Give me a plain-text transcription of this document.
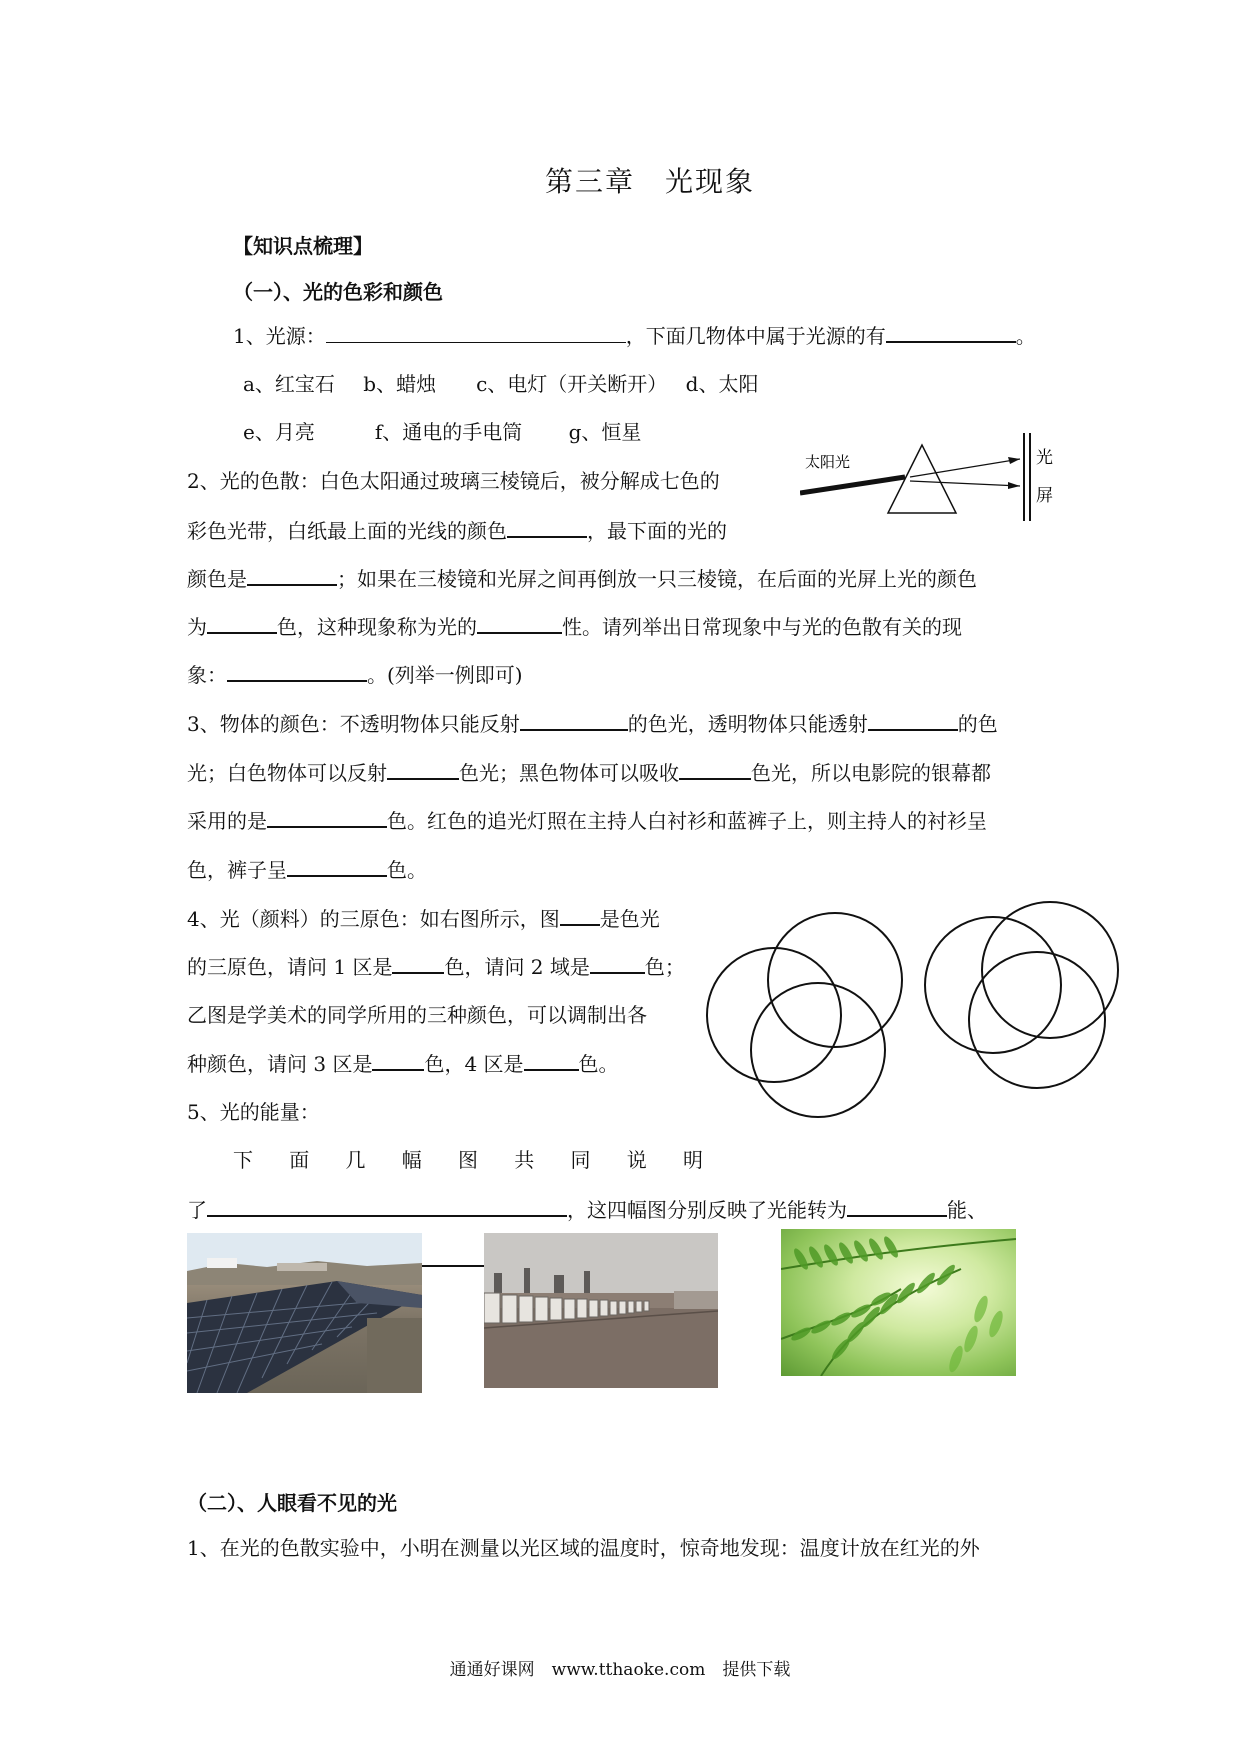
第三章　光现象
【知识点梳理】
（一）、光的色彩和颜色
1、光源：	，下面几物体中属于光源的有	。
a、红宝石　 b、蜡烛　　c、电灯（开关断开）　 d、太阳
e、月亮　　　f、通电的手电筒　　 g、恒星
太阳光	光
屏
2、光的色散：白色太阳通过玻璃三棱镜后，被分解成七色的
彩色光带，白纸最上面的光线的颜色	，最下面的光的
颜色是	；如果在三棱镜和光屏之间再倒放一只三棱镜，在后面的光屏上光的颜色
为	色，这种现象称为光的	性。请列举出日常现象中与光的色散有关的现
象：	。(列举一例即可)
3、物体的颜色：不透明物体只能反射	的色光，透明物体只能透射	的色
光；白色物体可以反射	色光；黑色物体可以吸收	色光，所以电影院的银幕都
采用的是	色。红色的追光灯照在主持人白衬衫和蓝裤子上，则主持人的衬衫呈
色，裤子呈	色。
4、光（颜料）的三原色：如右图所示，图 是色光
的三原色，请问 1 区是	色，请问 2 域是	色；
乙图是学美术的同学所用的三种颜色，可以调制出各
种颜色，请问 3 区是	色，4 区是	色。
5、光的能量：
下 面 几 幅 图 共 同 说 明
了	，这四幅图分别反映了光能转为	能、
（二）、人眼看不见的光
1、在光的色散实验中，小明在测量以光区域的温度时，惊奇地发现：温度计放在红光的外
通通好课网　www.tthaoke.com　提供下载
